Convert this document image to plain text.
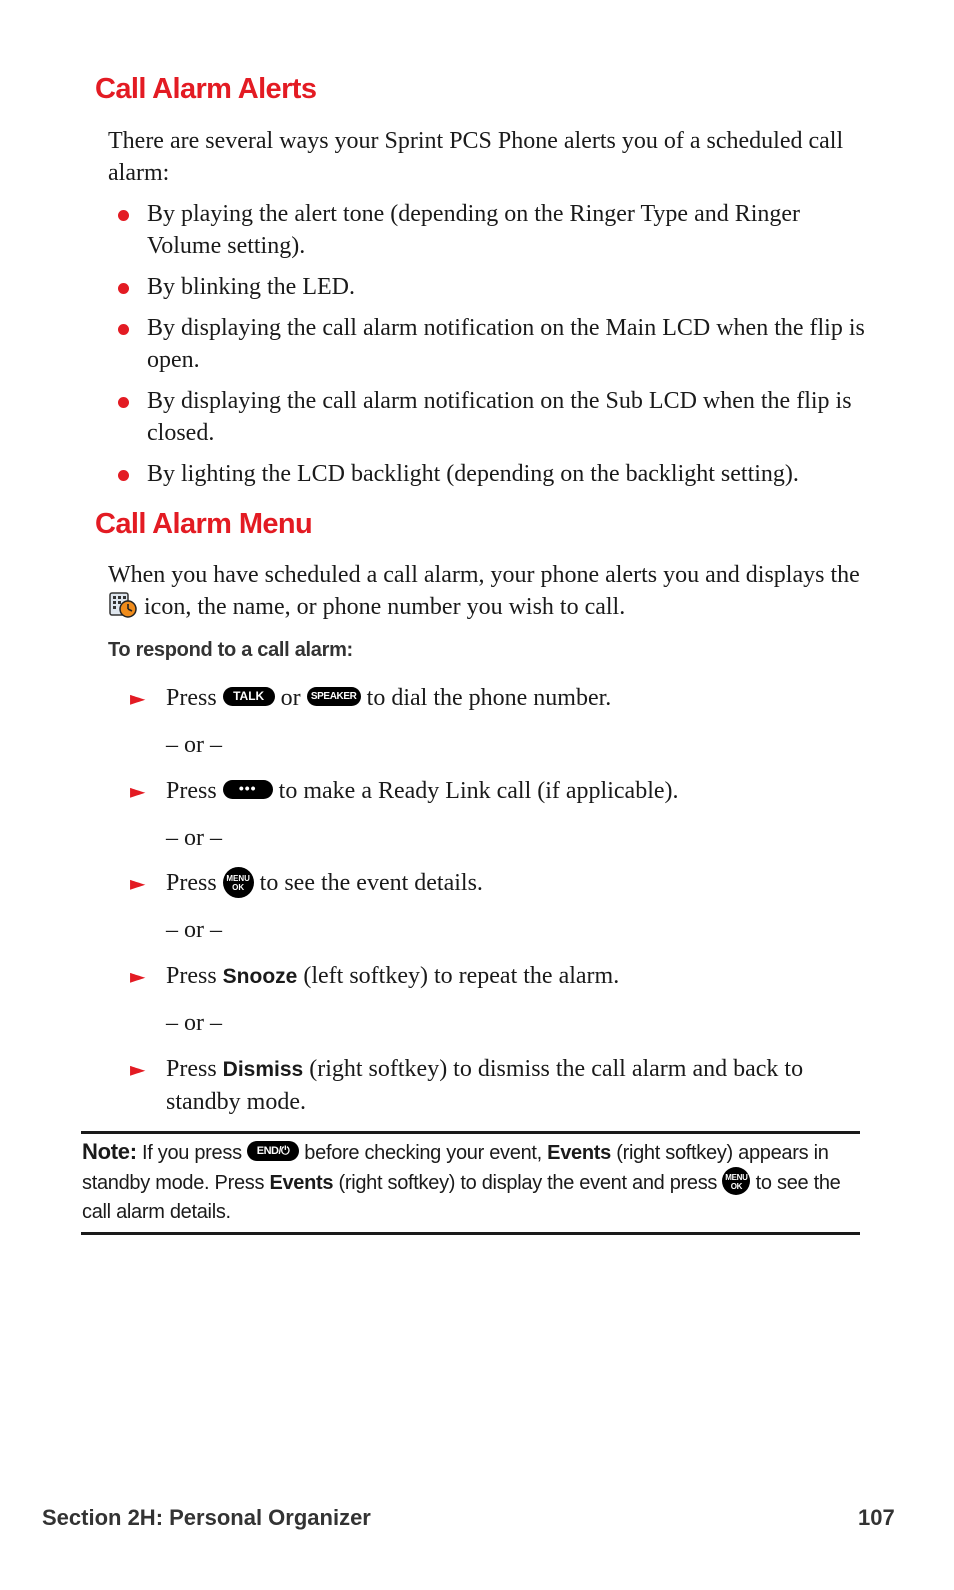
Call Alarm Alerts

There are several ways your Sprint PCS Phone alerts you of a scheduled call alarm:

By playing the alert tone (depending on the Ringer Type and Ringer Volume setting).
By blinking the LED.
By displaying the call alarm notification on the Main LCD when the flip is open.
By displaying the call alarm notification on the Sub LCD when the flip is closed.
By lighting the LCD backlight (depending on the backlight setting).
Call Alarm Menu

When you have scheduled a call alarm, your phone alerts you and displays the  icon, the name, or phone number you wish to call.

To respond to a call alarm:

► Press TALK or SPEAKER to dial the phone number.
– or –
► Press ••• to make a Ready Link call (if applicable).
– or –
► Press	MENU
OK to see the event details.
– or –
► Press Snooze (left softkey) to repeat the alarm.
– or –
► Press Dismiss (right softkey) to dismiss the call alarm and back to standby mode.

Note: If you press END/⏻ before checking your event, Events (right softkey) appears in standby mode. Press Events (right softkey) to display the event and press	MENU
OK to see the call alarm details.

Section 2H: Personal Organizer	107
